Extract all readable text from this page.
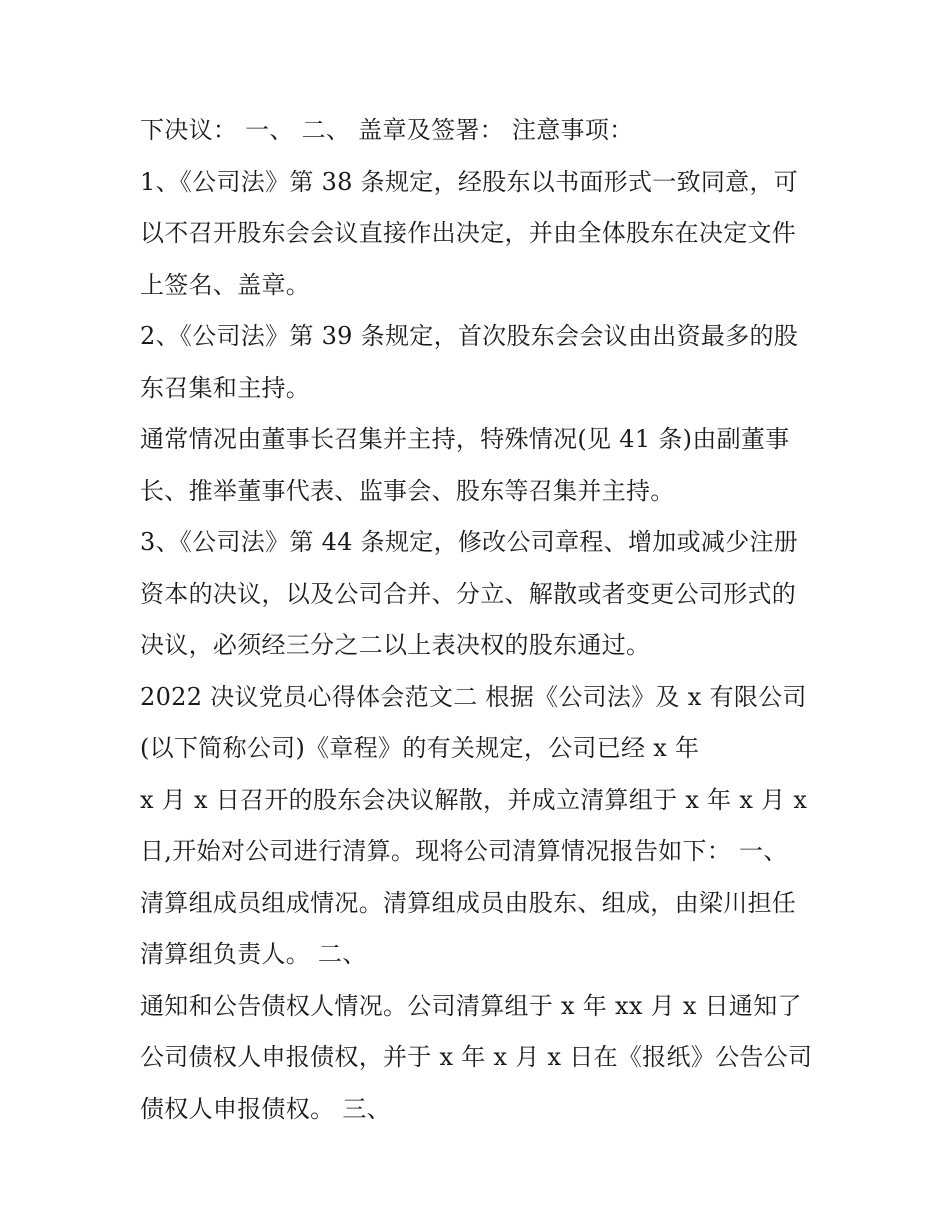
下决议： 一、 二、 盖章及签署： 注意事项：
1、《公司法》第 38 条规定，经股东以书面形式一致同意，可
以不召开股东会会议直接作出决定，并由全体股东在决定文件
上签名、盖章。
2、《公司法》第 39 条规定，首次股东会会议由出资最多的股
东召集和主持。
通常情况由董事长召集并主持，特殊情况(见 41 条)由副董事
长、推举董事代表、监事会、股东等召集并主持。
3、《公司法》第 44 条规定，修改公司章程、增加或减少注册
资本的决议，以及公司合并、分立、解散或者变更公司形式的
决议，必须经三分之二以上表决权的股东通过。
2022 决议党员心得体会范文二 根据《公司法》及 x 有限公司
(以下简称公司)《章程》的有关规定，公司已经 x 年
x 月 x 日召开的股东会决议解散，并成立清算组于 x 年 x 月 x
日,开始对公司进行清算。现将公司清算情况报告如下： 一、
清算组成员组成情况。清算组成员由股东、组成，由梁川担任
清算组负责人。 二、
通知和公告债权人情况。公司清算组于 x 年 xx 月 x 日通知了
公司债权人申报债权，并于 x 年 x 月 x 日在《报纸》公告公司
债权人申报债权。 三、
